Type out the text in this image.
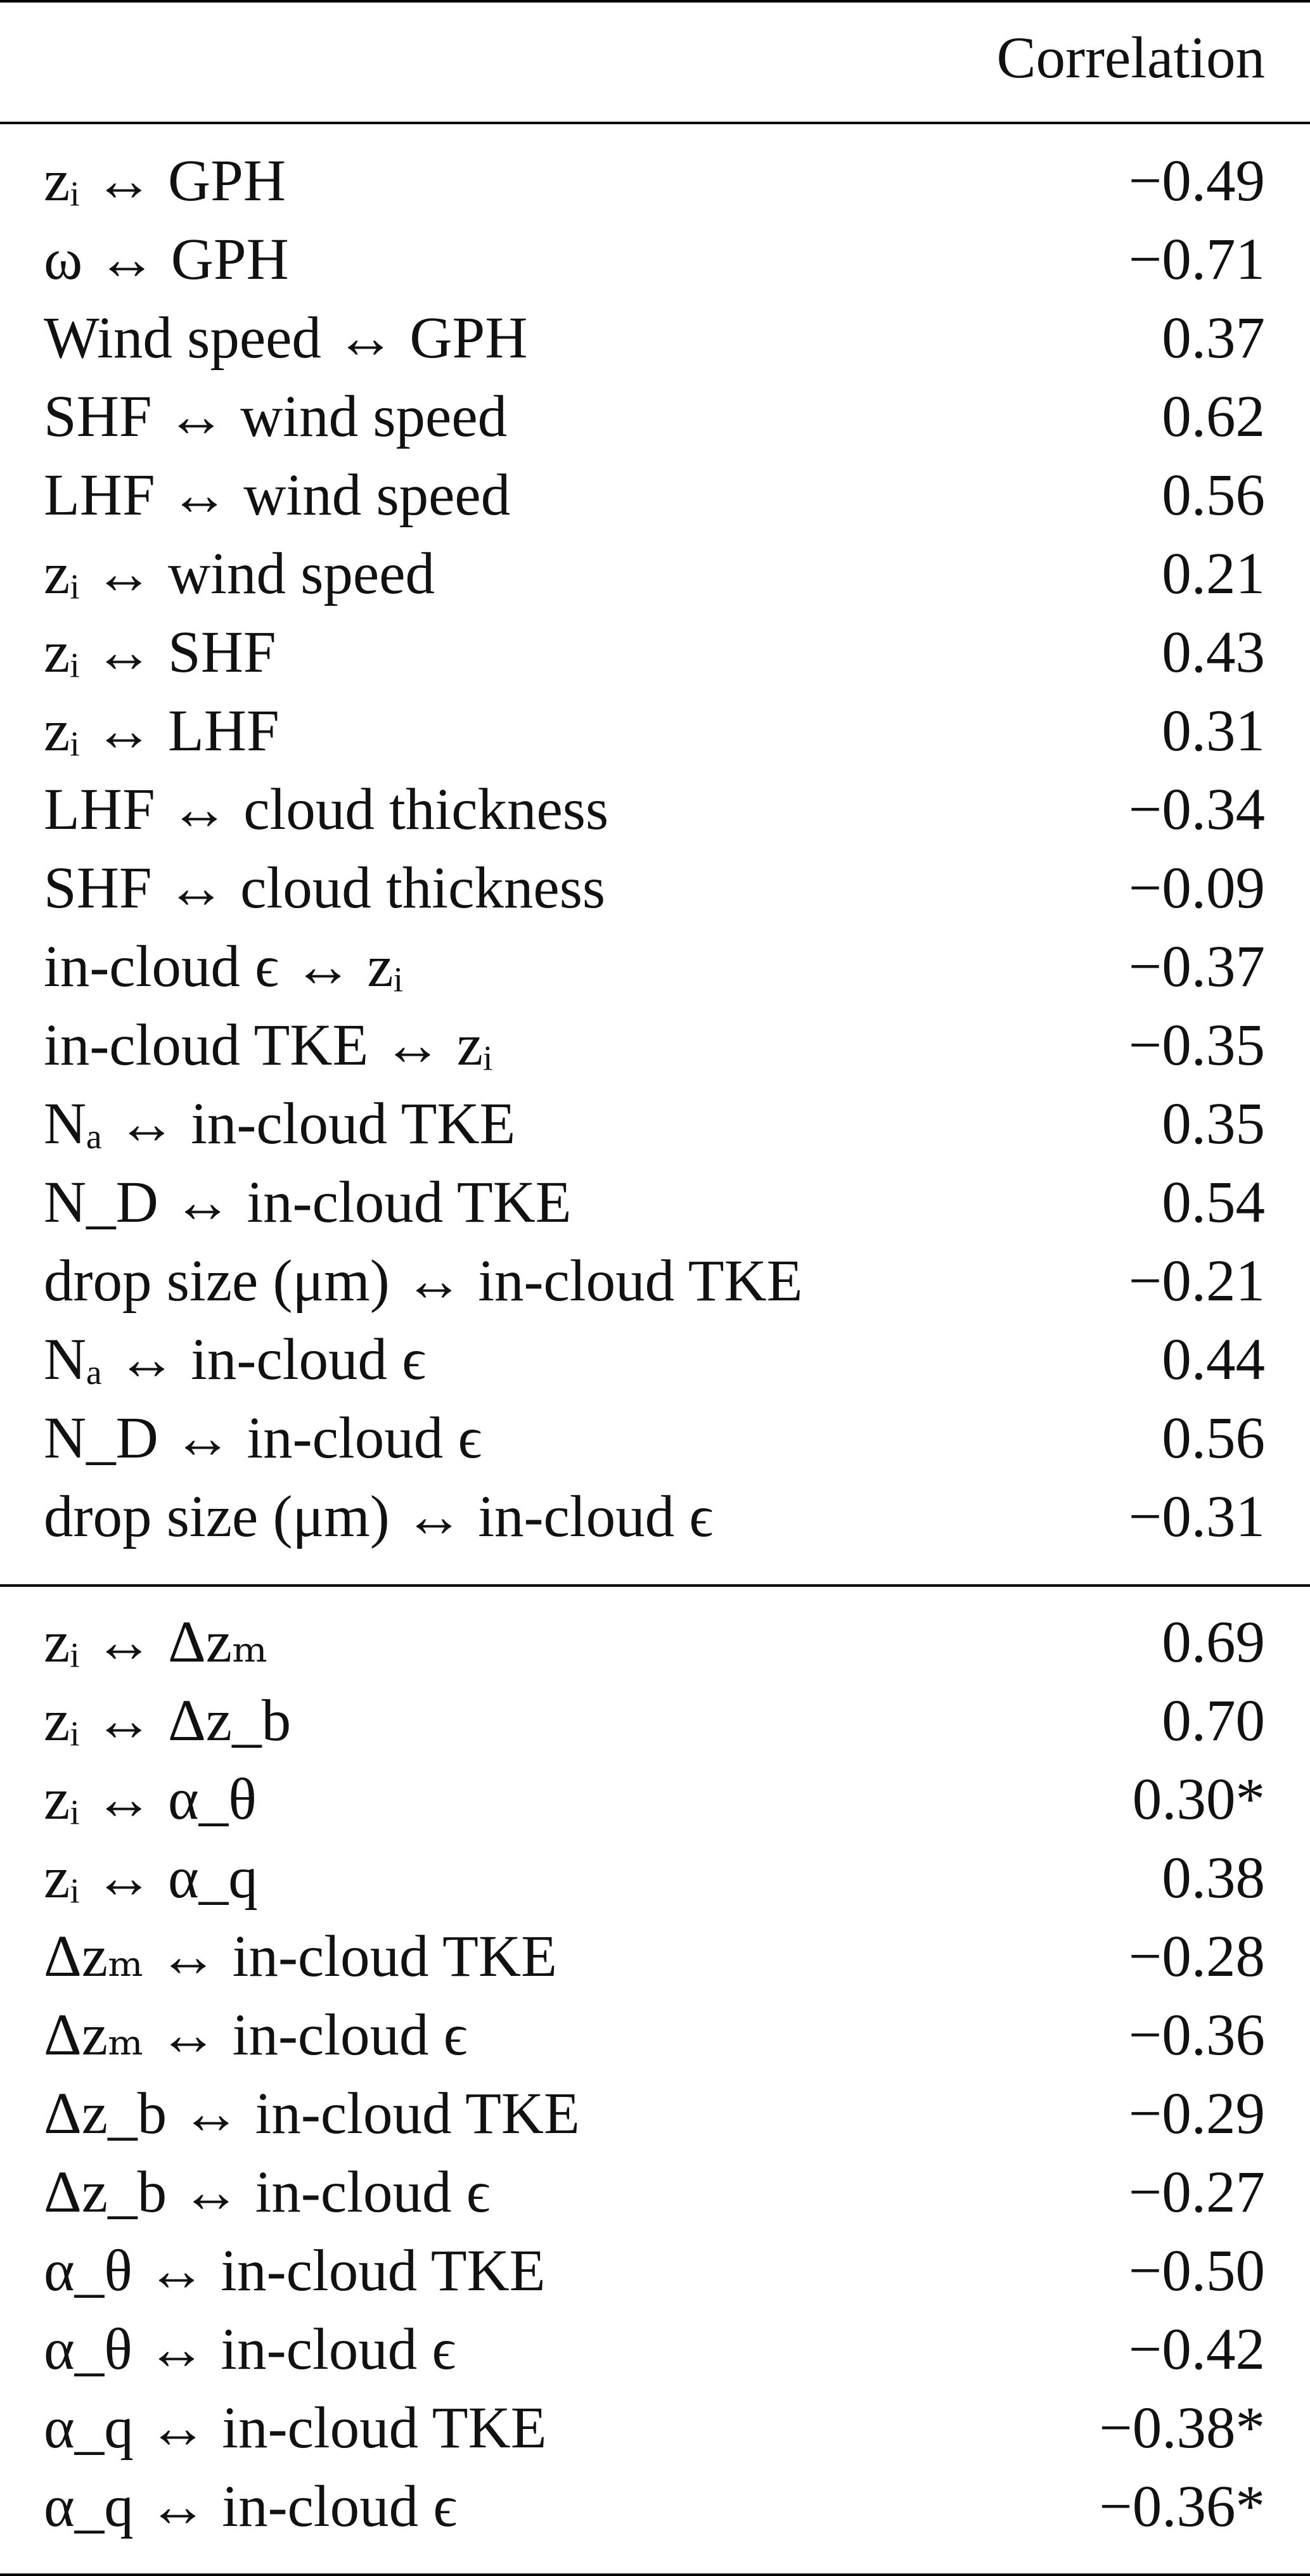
Correlation
zᵢ ↔ GPH	−0.49
ω ↔ GPH	−0.71
Wind speed ↔ GPH	0.37
SHF ↔ wind speed	0.62
LHF ↔ wind speed	0.56
zᵢ ↔ wind speed	0.21
zᵢ ↔ SHF	0.43
zᵢ ↔ LHF	0.31
LHF ↔ cloud thickness	−0.34
SHF ↔ cloud thickness	−0.09
in-cloud ϵ ↔ zᵢ	−0.37
in-cloud TKE ↔ zᵢ	−0.35
Nₐ ↔ in-cloud TKE	0.35
N_D ↔ in-cloud TKE	0.54
drop size (μm) ↔ in-cloud TKE	−0.21
Nₐ ↔ in-cloud ϵ	0.44
N_D ↔ in-cloud ϵ	0.56
drop size (μm) ↔ in-cloud ϵ	−0.31
zᵢ ↔ Δzₘ	0.69
zᵢ ↔ Δz_b	0.70
zᵢ ↔ α_θ	0.30*
zᵢ ↔ α_q	0.38
Δzₘ ↔ in-cloud TKE	−0.28
Δzₘ ↔ in-cloud ϵ	−0.36
Δz_b ↔ in-cloud TKE	−0.29
Δz_b ↔ in-cloud ϵ	−0.27
α_θ ↔ in-cloud TKE	−0.50
α_θ ↔ in-cloud ϵ	−0.42
α_q ↔ in-cloud TKE	−0.38*
α_q ↔ in-cloud ϵ	−0.36*
